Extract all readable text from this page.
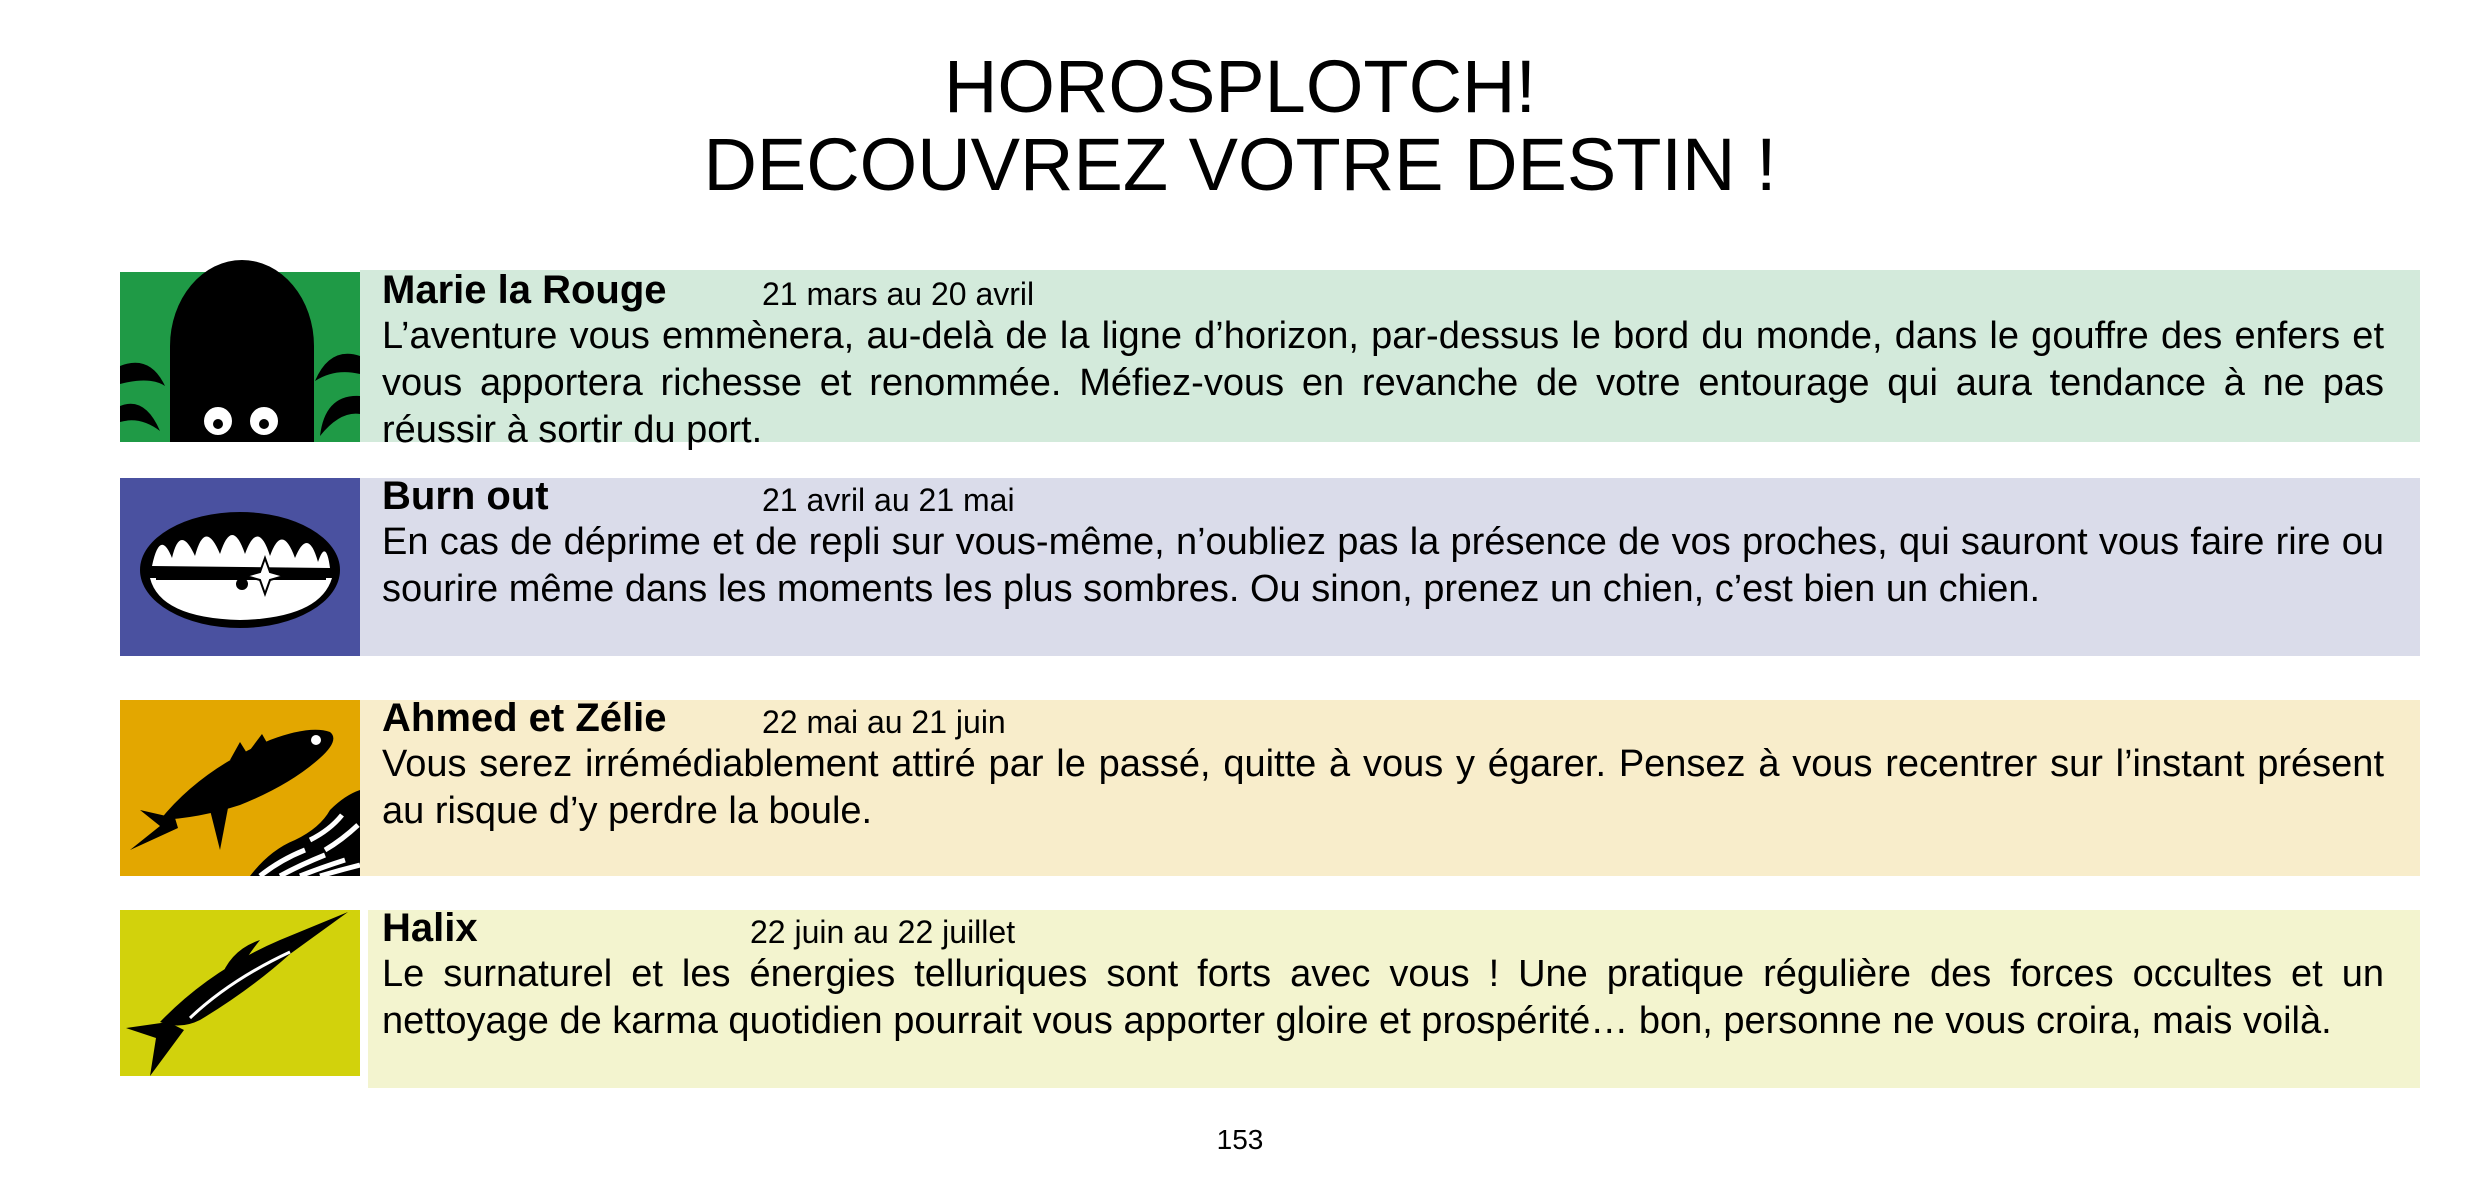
HOROSPLOTCH!
DECOUVREZ VOTRE DESTIN !
Marie la Rouge	21 mars au 20 avril
L’aventure vous emmènera, au-delà de la ligne d’horizon, par-dessus le bord du monde, dans le gouffre des enfers et vous apportera richesse et renommée. Méfiez-vous en revanche de votre entourage qui aura tendance à ne pas réussir à sortir du port.
Burn out	21 avril au 21 mai
En cas de déprime et de repli sur vous-même, n’oubliez pas la présence de vos proches, qui sauront vous faire rire ou sourire même dans les moments les plus sombres. Ou sinon, prenez un chien, c’est bien un chien.
Ahmed et Zélie	22 mai au 21 juin
Vous serez irrémédiablement attiré par le passé, quitte à vous y égarer. Pensez à vous recentrer sur l’instant présent au risque d’y perdre la boule.
Halix	22 juin au 22 juillet
Le surnaturel et les énergies telluriques sont forts avec vous ! Une pratique régulière des forces occultes et un nettoyage de karma quotidien pourrait vous apporter gloire et prospérité… bon, personne ne vous croira, mais voilà.
153
